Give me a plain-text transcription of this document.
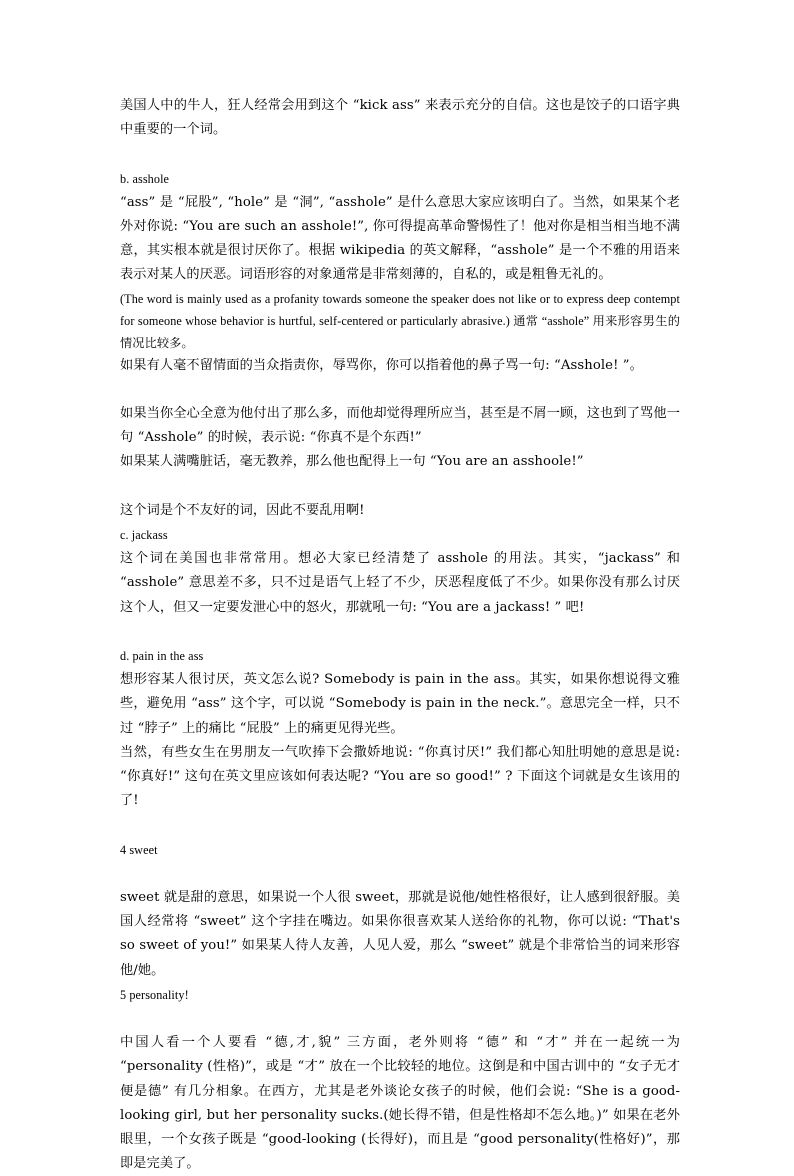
美国人中的牛人，狂人经常会用到这个 “kick ass” 来表示充分的自信。这也是饺子的口语字典中重要的一个词。

b. asshole

“ass” 是 “屁股”, “hole” 是 “洞”, “asshole” 是什么意思大家应该明白了。当然，如果某个老外对你说: “You are such an asshole!”, 你可得提高革命警惕性了！他对你是相当相当地不满意，其实根本就是很讨厌你了。根据 wikipedia 的英文解释，“asshole” 是一个不雅的用语来表示对某人的厌恶。词语形容的对象通常是非常刻薄的，自私的，或是粗鲁无礼的。

(The word is mainly used as a profanity towards someone the speaker does not like or to express deep contempt for someone whose behavior is hurtful, self-centered or particularly abrasive.) 通常 “asshole” 用来形容男生的情况比较多。

如果有人毫不留情面的当众指责你，辱骂你，你可以指着他的鼻子骂一句: “Asshole! ”。

如果当你全心全意为他付出了那么多，而他却觉得理所应当，甚至是不屑一顾，这也到了骂他一句 “Asshole” 的时候，表示说: “你真不是个东西!”

如果某人满嘴脏话，毫无教养，那么他也配得上一句 “You are an asshoole!”

这个词是个不友好的词，因此不要乱用啊!

c. jackass

这个词在美国也非常常用。想必大家已经清楚了 asshole 的用法。其实，“jackass” 和 “asshole” 意思差不多，只不过是语气上轻了不少，厌恶程度低了不少。如果你没有那么讨厌这个人，但又一定要发泄心中的怒火，那就吼一句: “You are a jackass! ” 吧!

d. pain in the ass

想形容某人很讨厌，英文怎么说? Somebody is pain in the ass。其实，如果你想说得文雅些，避免用 “ass” 这个字，可以说 “Somebody is pain in the neck.”。意思完全一样，只不过 “脖子” 上的痛比 “屁股” 上的痛更见得光些。

当然，有些女生在男朋友一气吹捧下会撒娇地说: “你真讨厌!” 我们都心知肚明她的意思是说: “你真好!” 这句在英文里应该如何表达呢? “You are so good!” ? 下面这个词就是女生该用的了!

4 sweet

sweet 就是甜的意思，如果说一个人很 sweet，那就是说他/她性格很好，让人感到很舒服。美国人经常将 “sweet” 这个字挂在嘴边。如果你很喜欢某人送给你的礼物，你可以说: “That's so sweet of you!” 如果某人待人友善，人见人爱，那么 “sweet” 就是个非常恰当的词来形容他/她。

5 personality!

中国人看一个人要看 “德,才,貌” 三方面，老外则将 “德” 和 “才” 并在一起统一为 “personality (性格)”，或是 “才” 放在一个比较轻的地位。这倒是和中国古训中的 “女子无才便是德” 有几分相象。在西方，尤其是老外谈论女孩子的时候，他们会说: “She is a good-looking girl, but her personality sucks.(她长得不错，但是性格却不怎么地。)” 如果在老外眼里，一个女孩子既是 “good-looking (长得好)，而且是 “good personality(性格好)”，那即是完美了。
